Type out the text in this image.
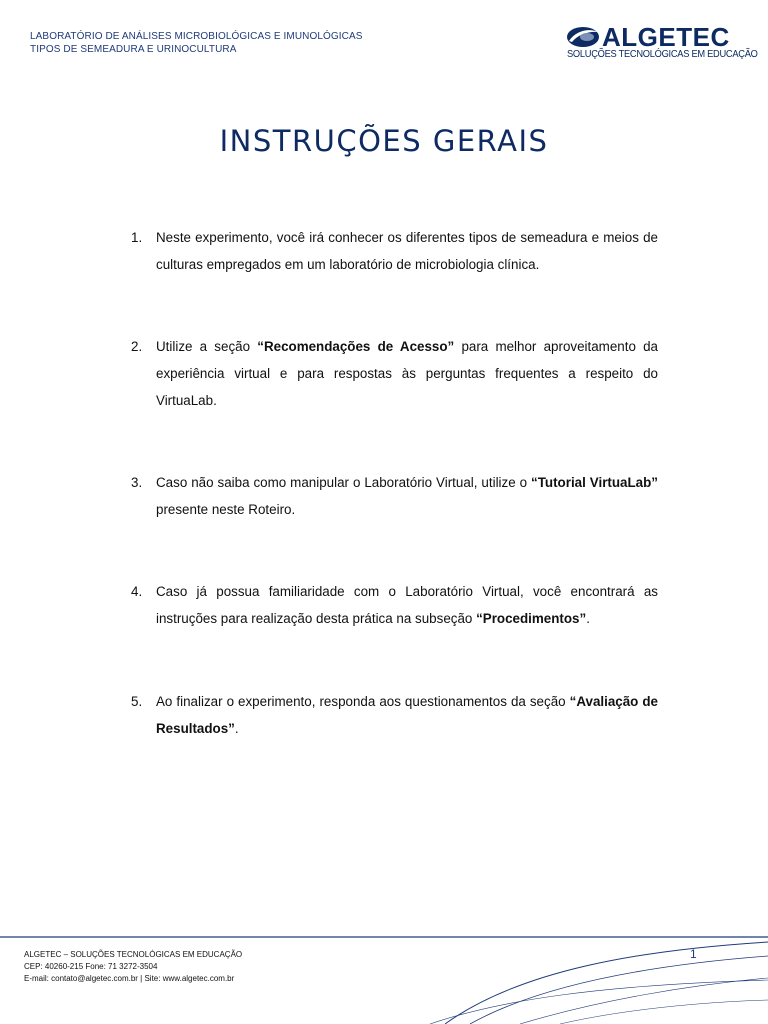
LABORATÓRIO DE ANÁLISES MICROBIOLÓGICAS E IMUNOLÓGICAS
TIPOS DE SEMEADURA E URINOCULTURA	ALGETEC
SOLUÇÕES TECNOLÓGICAS EM EDUCAÇÃO
INSTRUÇÕES GERAIS
1.	Neste experimento, você irá conhecer os diferentes tipos de semeadura e meios de culturas empregados em um laboratório de microbiologia clínica.
2.	Utilize a seção “Recomendações de Acesso” para melhor aproveitamento da experiência virtual e para respostas às perguntas frequentes a respeito do VirtuaLab.
3.	Caso não saiba como manipular o Laboratório Virtual, utilize o “Tutorial VirtuaLab” presente neste Roteiro.
4.	Caso já possua familiaridade com o Laboratório Virtual, você encontrará as instruções para realização desta prática na subseção “Procedimentos”.
5.	Ao finalizar o experimento, responda aos questionamentos da seção “Avaliação de Resultados”.
ALGETEC – SOLUÇÕES TECNOLÓGICAS EM EDUCAÇÃO
CEP: 40260-215 Fone: 71 3272-3504
E-mail: contato@algetec.com.br | Site: www.algetec.com.br
1
